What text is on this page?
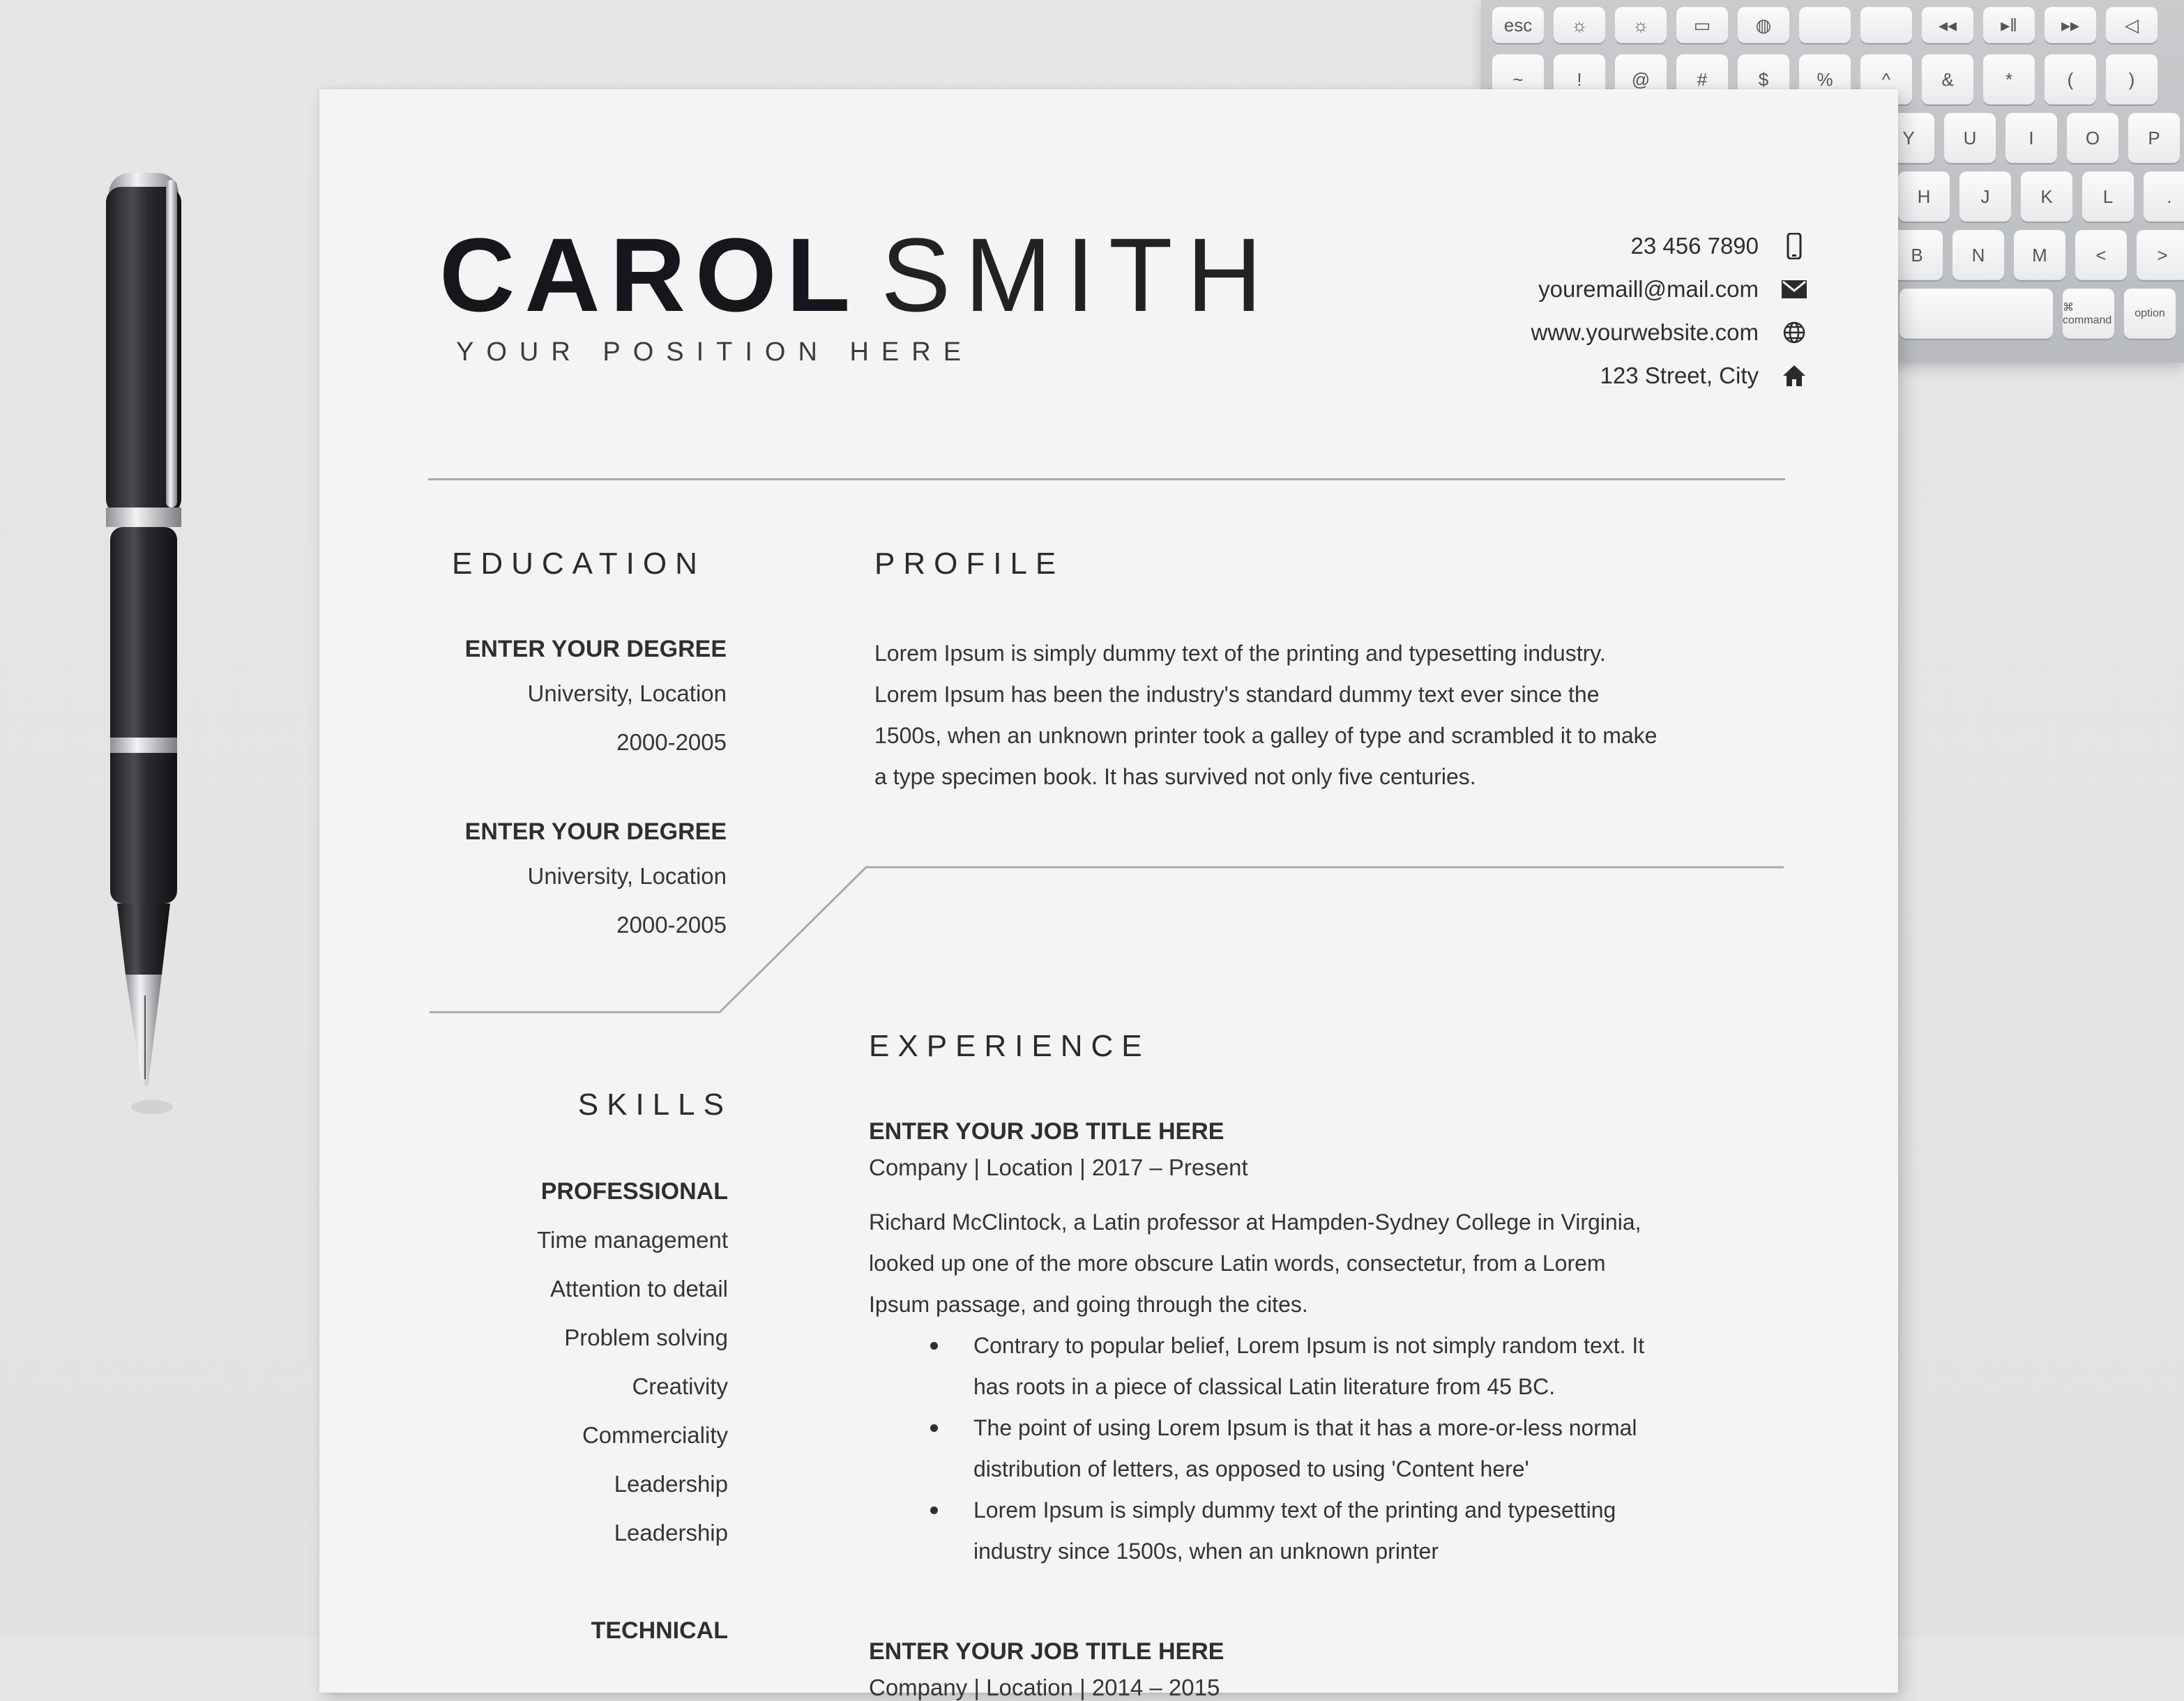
esc	☼	☼	▭	◍	◂◂	▸ǁ	▸▸	◁
~	!	@	#	$	%	^	&	*	(	)
Y	U	I	O	P
H	J	K	L	.
B	N	M	<	>
⌘ command
option
CAROL SMITH
YOUR POSITION HERE
23 456 7890
youremaill@mail.com
www.yourwebsite.com
123 Street, City
EDUCATION
ENTER YOUR DEGREE
University, Location
2000-2005
ENTER YOUR DEGREE
University, Location
2000-2005
SKILLS
PROFESSIONAL
Time management
Attention to detail
Problem solving
Creativity
Commerciality
Leadership
Leadership
TECHNICAL
PROFILE
Lorem Ipsum is simply dummy text of the printing and typesetting industry.
Lorem Ipsum has been the industry's standard dummy text ever since the
1500s, when an unknown printer took a galley of type and scrambled it to make
a type specimen book. It has survived not only five centuries.
EXPERIENCE
ENTER YOUR JOB TITLE HERE
Company | Location | 2017 – Present
Richard McClintock, a Latin professor at Hampden-Sydney College in Virginia,
looked up one of the more obscure Latin words, consectetur, from a Lorem
Ipsum passage, and going through the cites.
Contrary to popular belief, Lorem Ipsum is not simply random text. It
has roots in a piece of classical Latin literature from 45 BC.
The point of using Lorem Ipsum is that it has a more-or-less normal
distribution of letters, as opposed to using 'Content here'
Lorem Ipsum is simply dummy text of the printing and typesetting
industry since 1500s, when an unknown printer
ENTER YOUR JOB TITLE HERE
Company | Location | 2014 – 2015
